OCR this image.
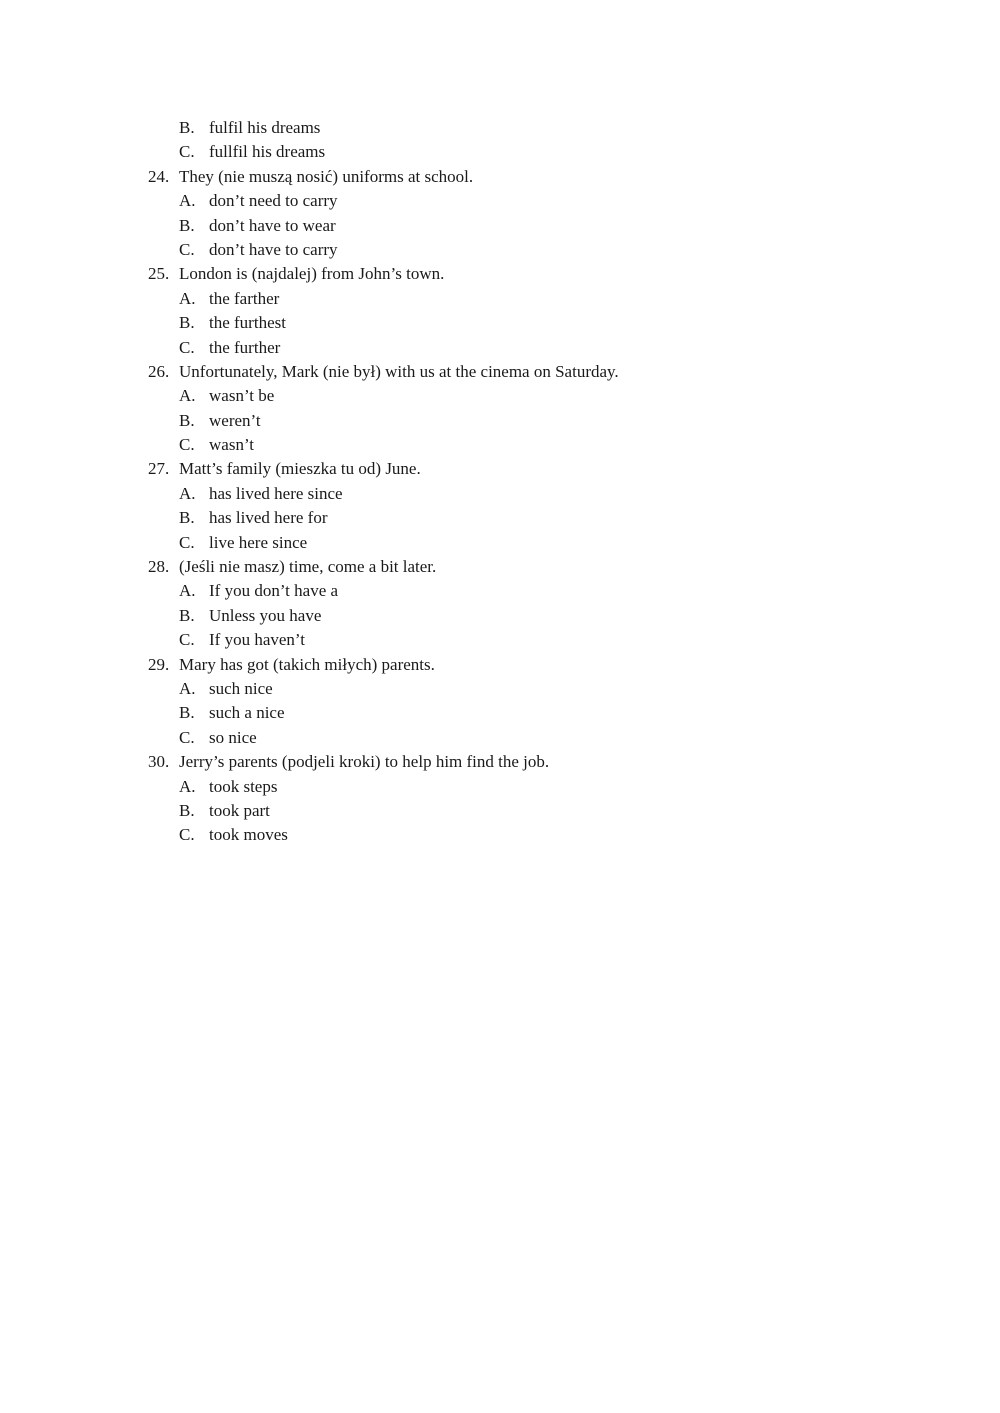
B. fulfil his dreams
C. fullfil his dreams
24. They (nie muszą nosić) uniforms at school.
A. don’t need to carry
B. don’t have to wear
C. don’t have to carry
25. London is (najdalej) from John’s town.
A. the farther
B. the furthest
C. the further
26. Unfortunately, Mark (nie był) with us at the cinema on Saturday.
A. wasn’t be
B. weren’t
C. wasn’t
27. Matt’s family (mieszka tu od) June.
A. has lived here since
B. has lived here for
C. live here since
28. (Jeśli nie masz) time, come a bit later.
A. If you don’t have a
B. Unless you have
C. If you haven’t
29. Mary has got (takich miłych) parents.
A. such nice
B. such a nice
C. so nice
30. Jerry’s parents (podjeli kroki) to help him find the job.
A. took steps
B. took part
C. took moves
